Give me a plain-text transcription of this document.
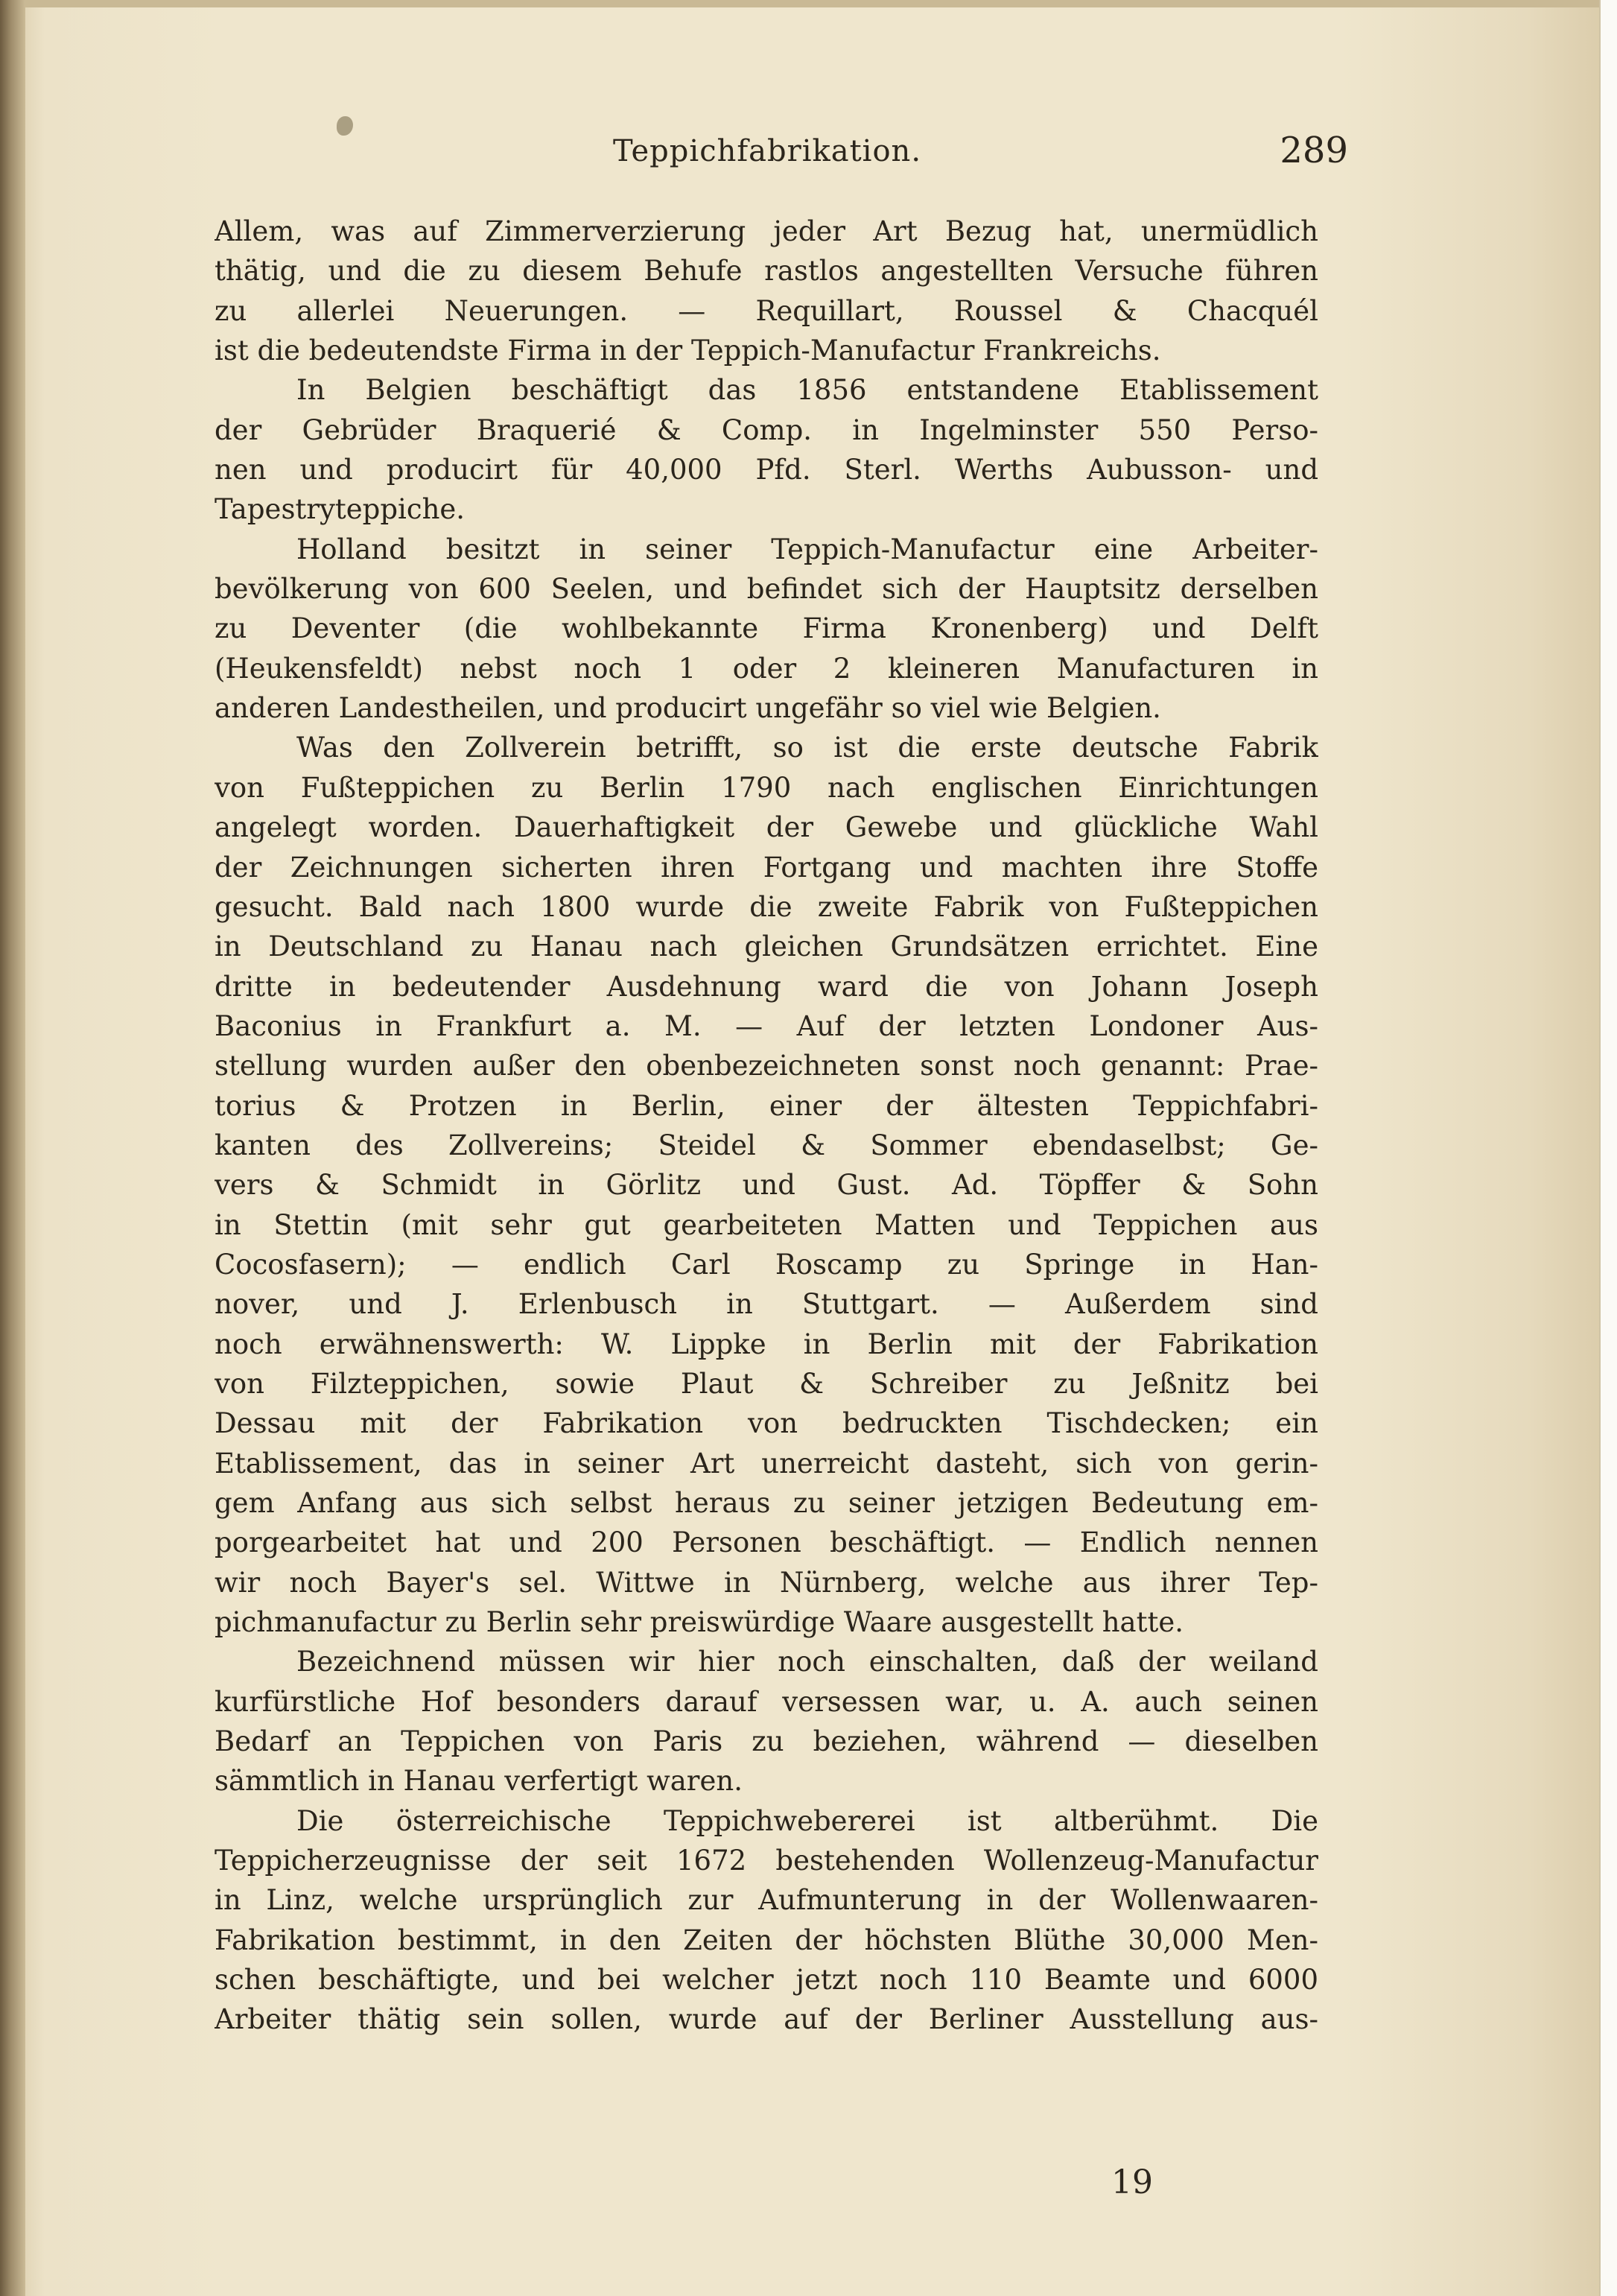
Teppichfabrikation.	289
Allem, was auf Zimmerverzierung jeder Art Bezug hat, unermüdlich
thätig, und die zu diesem Behufe rastlos angestellten Versuche führen
zu allerlei Neuerungen. — Requillart, Roussel & Chacquél
ist die bedeutendste Firma in der Teppich-Manufactur Frankreichs.
In Belgien beschäftigt das 1856 entstandene Etablissement
der Gebrüder Braquerié & Comp. in Ingelminster 550 Perso-
nen und producirt für 40,000 Pfd. Sterl. Werths Aubusson- und
Tapestryteppiche.
Holland besitzt in seiner Teppich-Manufactur eine Arbeiter-
bevölkerung von 600 Seelen, und befindet sich der Hauptsitz derselben
zu Deventer (die wohlbekannte Firma Kronenberg) und Delft
(Heukensfeldt) nebst noch 1 oder 2 kleineren Manufacturen in
anderen Landestheilen, und producirt ungefähr so viel wie Belgien.
Was den Zollverein betrifft, so ist die erste deutsche Fabrik
von Fußteppichen zu Berlin 1790 nach englischen Einrichtungen
angelegt worden. Dauerhaftigkeit der Gewebe und glückliche Wahl
der Zeichnungen sicherten ihren Fortgang und machten ihre Stoffe
gesucht. Bald nach 1800 wurde die zweite Fabrik von Fußteppichen
in Deutschland zu Hanau nach gleichen Grundsätzen errichtet. Eine
dritte in bedeutender Ausdehnung ward die von Johann Joseph
Baconius in Frankfurt a. M. — Auf der letzten Londoner Aus-
stellung wurden außer den obenbezeichneten sonst noch genannt: Prae-
torius & Protzen in Berlin, einer der ältesten Teppichfabri-
kanten des Zollvereins; Steidel & Sommer ebendaselbst; Ge-
vers & Schmidt in Görlitz und Gust. Ad. Töpffer & Sohn
in Stettin (mit sehr gut gearbeiteten Matten und Teppichen aus
Cocosfasern); — endlich Carl Roscamp zu Springe in Han-
nover, und J. Erlenbusch in Stuttgart. — Außerdem sind
noch erwähnenswerth: W. Lippke in Berlin mit der Fabrikation
von Filzteppichen, sowie Plaut & Schreiber zu Jeßnitz bei
Dessau mit der Fabrikation von bedruckten Tischdecken; ein
Etablissement, das in seiner Art unerreicht dasteht, sich von gerin-
gem Anfang aus sich selbst heraus zu seiner jetzigen Bedeutung em-
porgearbeitet hat und 200 Personen beschäftigt. — Endlich nennen
wir noch Bayer's sel. Wittwe in Nürnberg, welche aus ihrer Tep-
pichmanufactur zu Berlin sehr preiswürdige Waare ausgestellt hatte.
Bezeichnend müssen wir hier noch einschalten, daß der weiland
kurfürstliche Hof besonders darauf versessen war, u. A. auch seinen
Bedarf an Teppichen von Paris zu beziehen, während — dieselben
sämmtlich in Hanau verfertigt waren.
Die österreichische Teppichwebererei ist altberühmt. Die
Teppicherzeugnisse der seit 1672 bestehenden Wollenzeug-Manufactur
in Linz, welche ursprünglich zur Aufmunterung in der Wollenwaaren-
Fabrikation bestimmt, in den Zeiten der höchsten Blüthe 30,000 Men-
schen beschäftigte, und bei welcher jetzt noch 110 Beamte und 6000
Arbeiter thätig sein sollen, wurde auf der Berliner Ausstellung aus-
19
